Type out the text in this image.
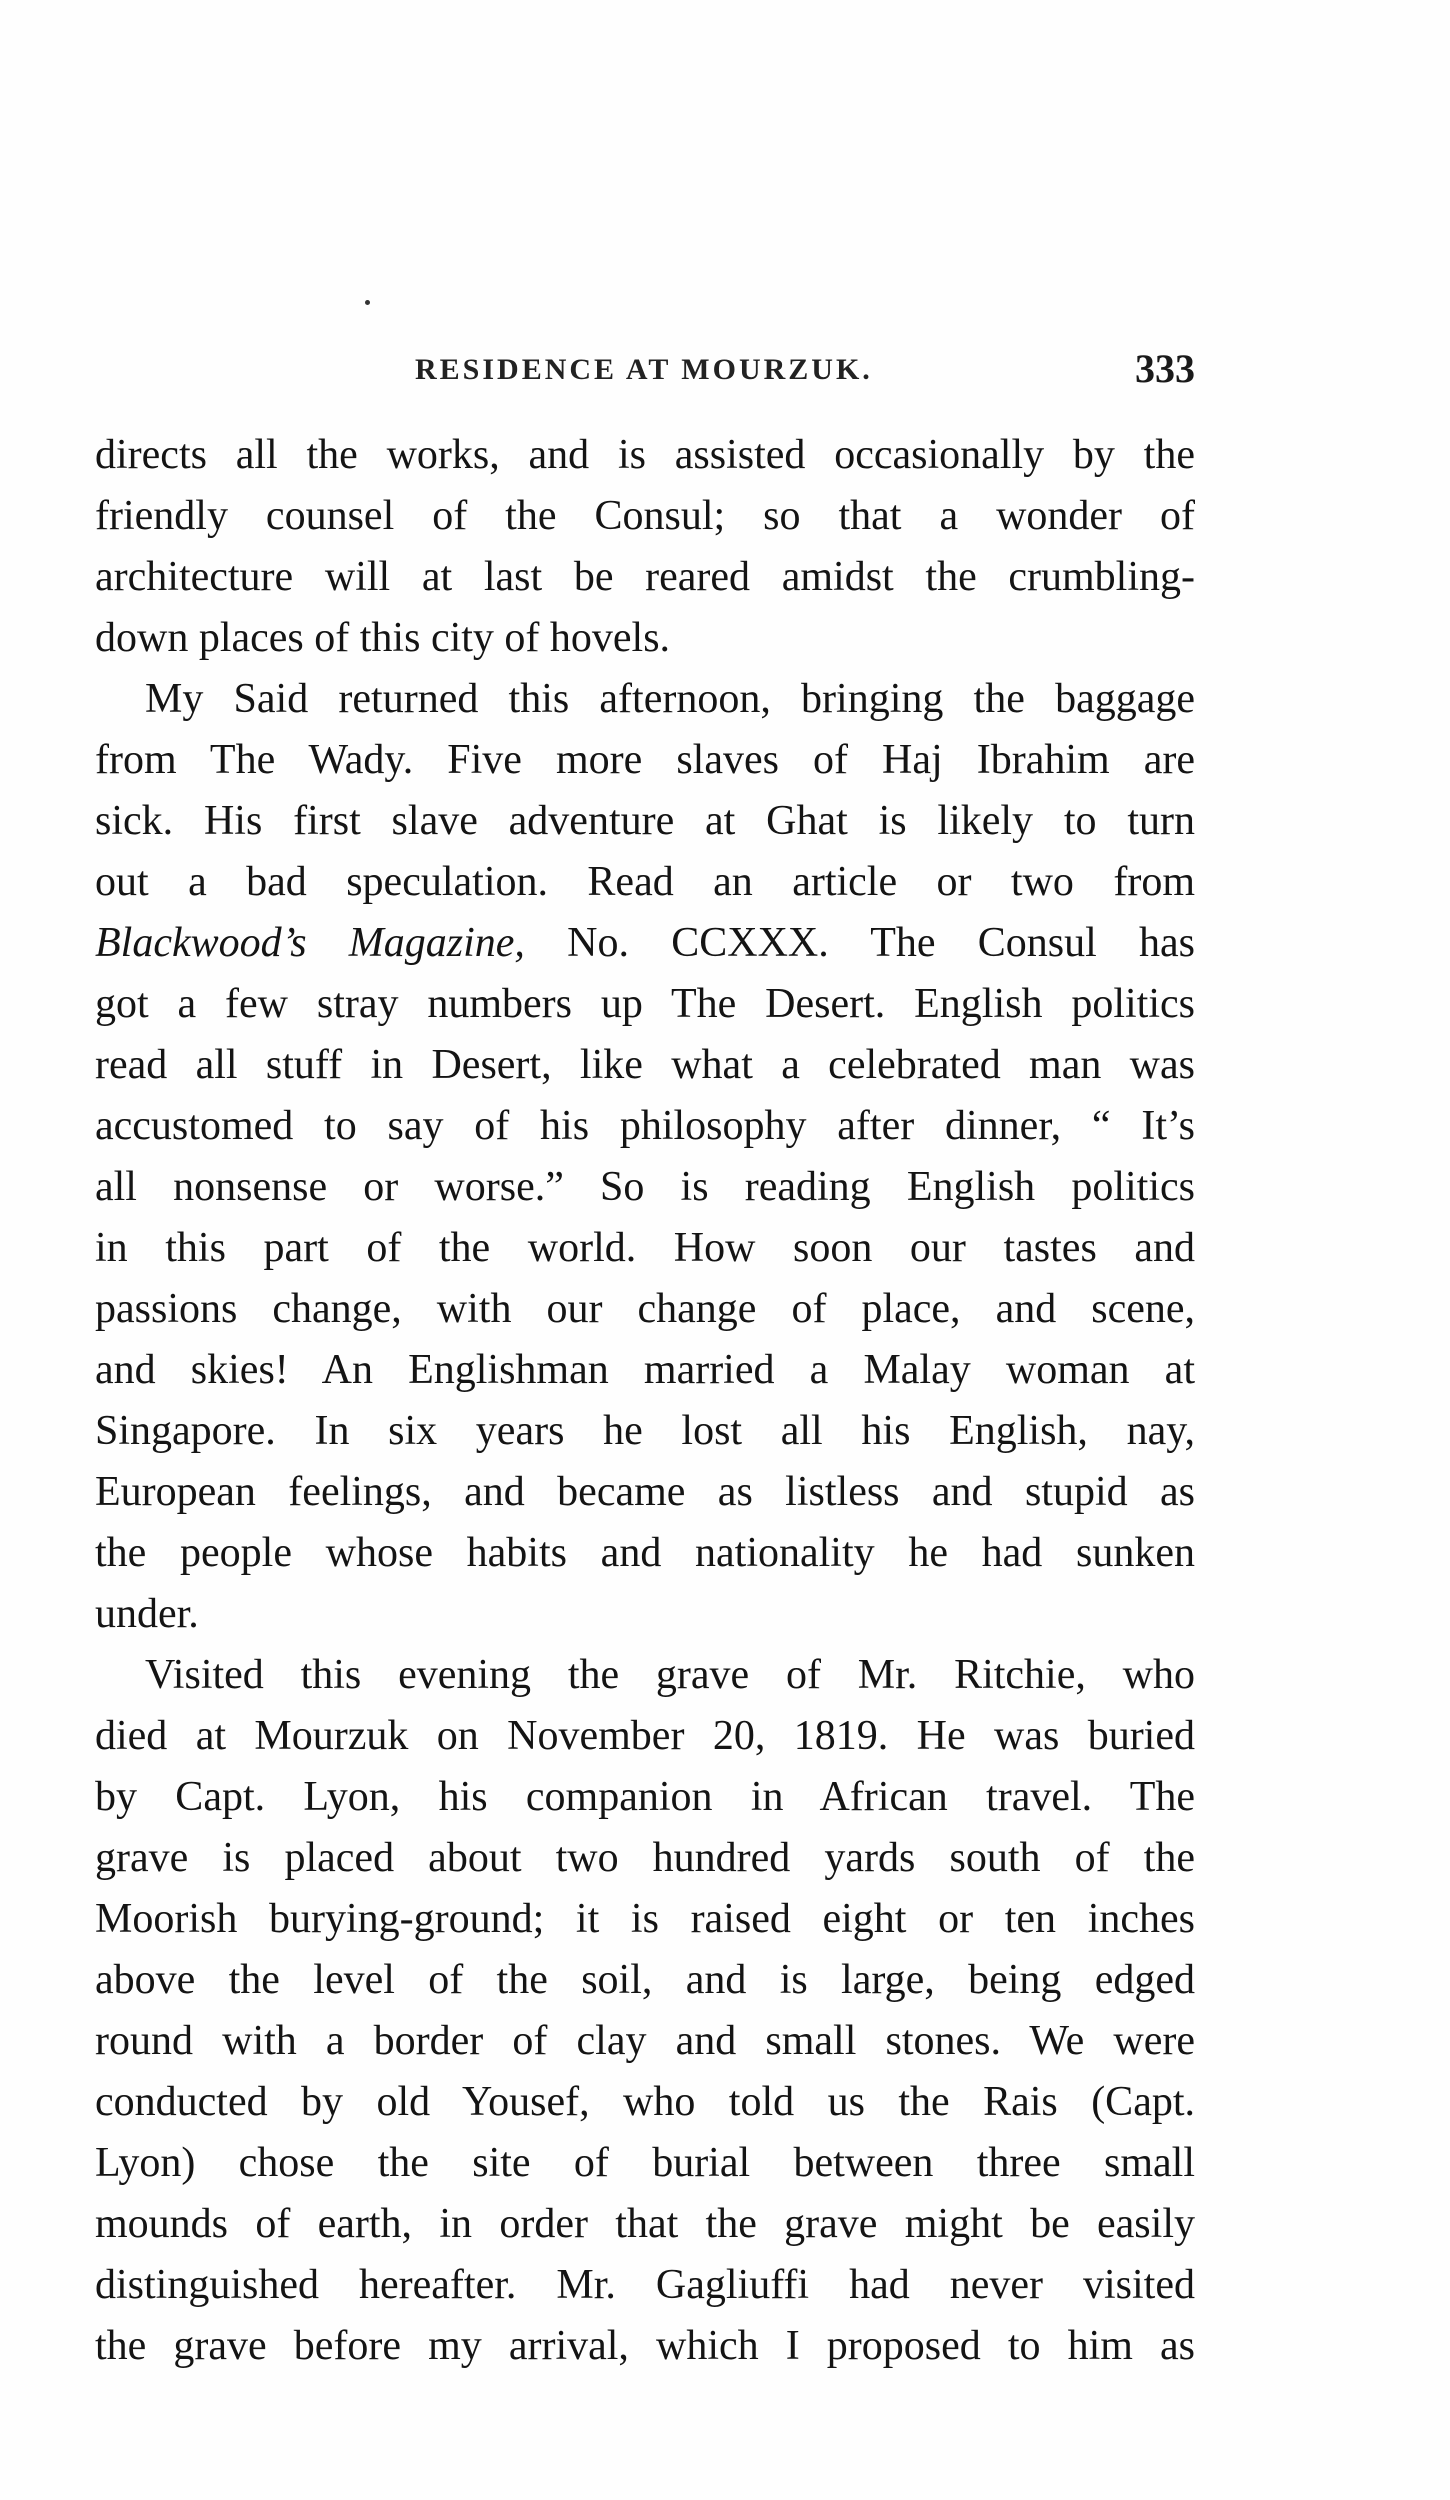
RESIDENCE AT MOURZUK.	333
directs all the works, and is assisted occasionally by the
friendly counsel of the Consul; so that a wonder of
architecture will at last be reared amidst the crumbling-
down places of this city of hovels.
My Said returned this afternoon, bringing the baggage
from The Wady. Five more slaves of Haj Ibrahim are
sick. His first slave adventure at Ghat is likely to turn
out a bad speculation. Read an article or two from
Blackwood’s Magazine, No. CCXXX. The Consul has
got a few stray numbers up The Desert. English politics
read all stuff in Desert, like what a celebrated man was
accustomed to say of his philosophy after dinner, “ It’s
all nonsense or worse.” So is reading English politics
in this part of the world. How soon our tastes and
passions change, with our change of place, and scene,
and skies! An Englishman married a Malay woman at
Singapore. In six years he lost all his English, nay,
European feelings, and became as listless and stupid as
the people whose habits and nationality he had sunken
under.
Visited this evening the grave of Mr. Ritchie, who
died at Mourzuk on November 20, 1819. He was buried
by Capt. Lyon, his companion in African travel. The
grave is placed about two hundred yards south of the
Moorish burying-ground; it is raised eight or ten inches
above the level of the soil, and is large, being edged
round with a border of clay and small stones. We were
conducted by old Yousef, who told us the Rais (Capt.
Lyon) chose the site of burial between three small
mounds of earth, in order that the grave might be easily
distinguished hereafter. Mr. Gagliuffi had never visited
the grave before my arrival, which I proposed to him as
